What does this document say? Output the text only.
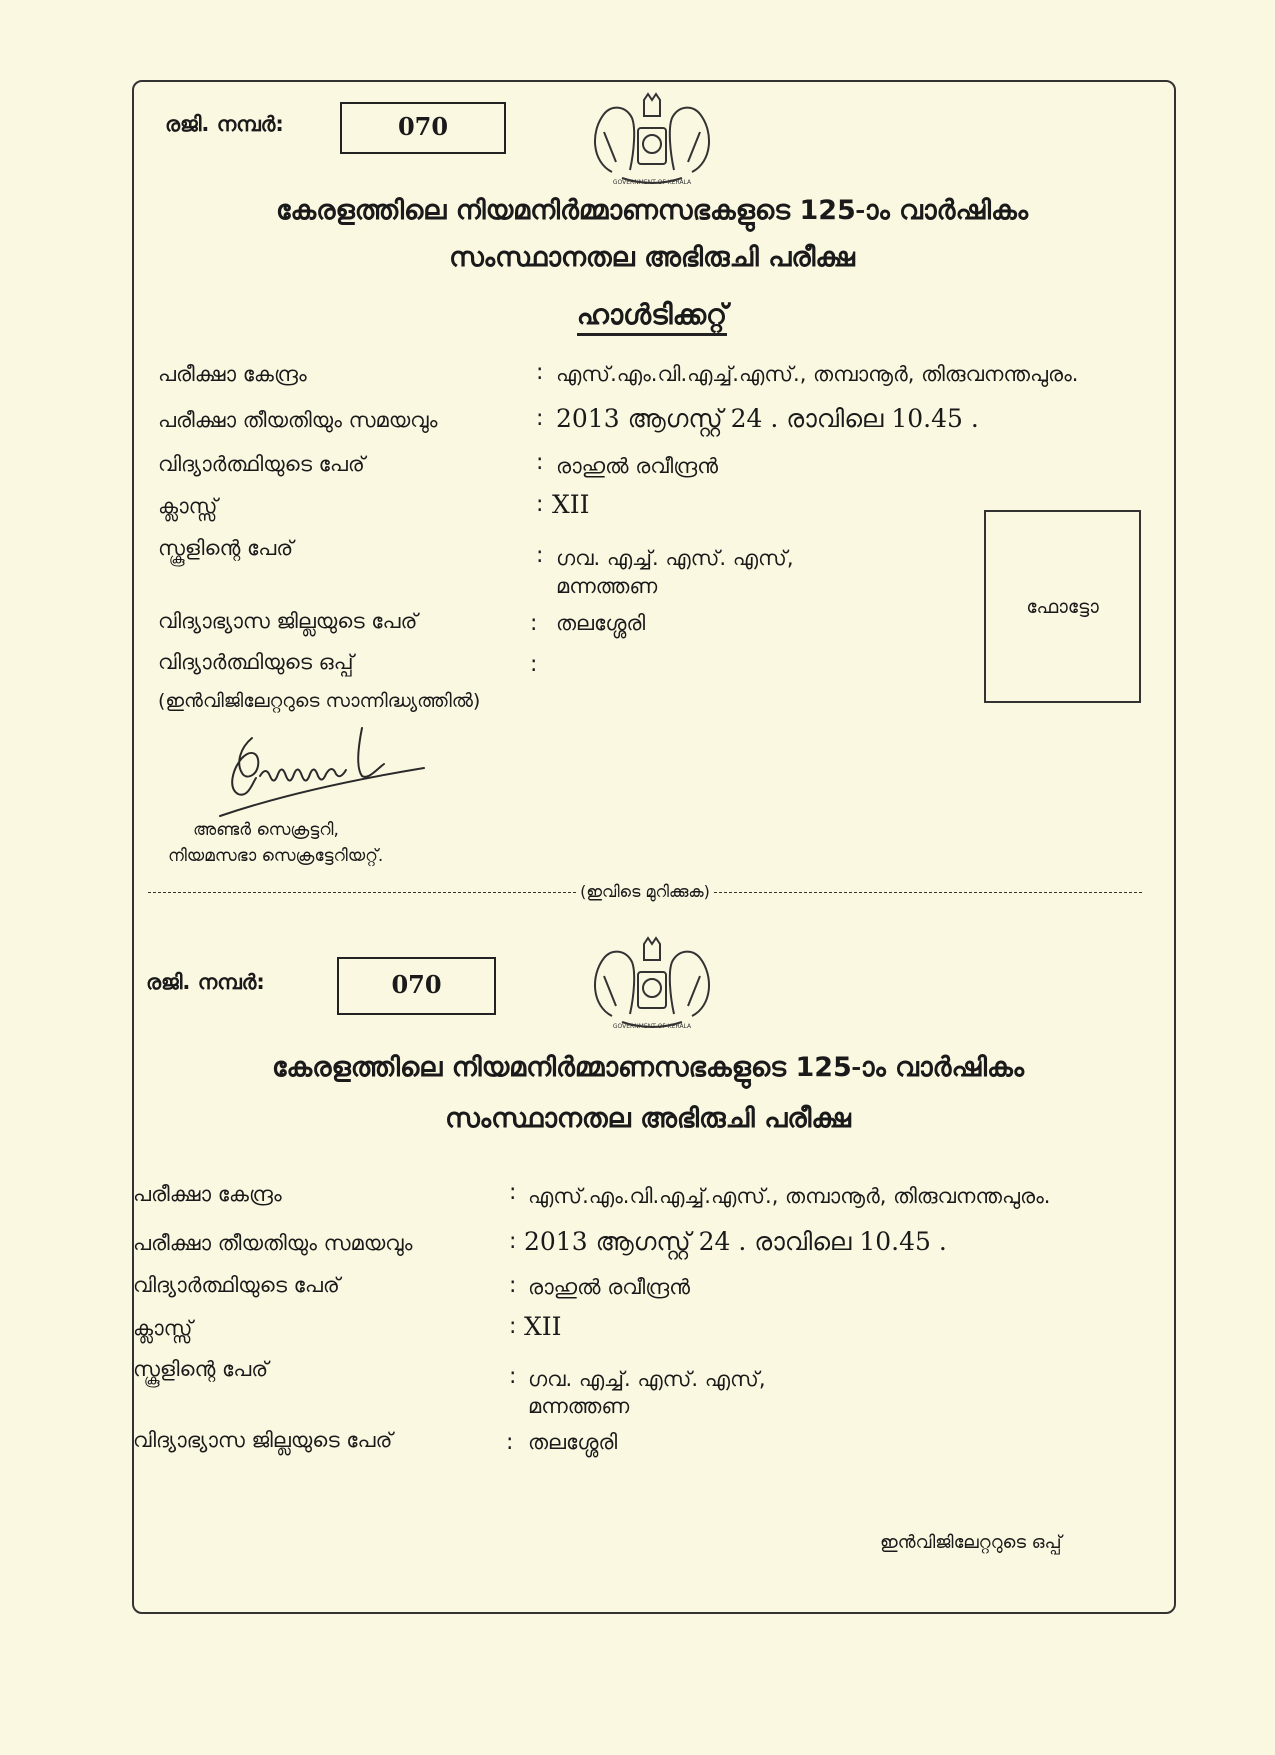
രജി. നമ്പർ:	070
GOVERNMENT OF KERALA
കേരളത്തിലെ നിയമനിർമ്മാണസഭകളുടെ 125-ാം വാർഷികം
സംസ്ഥാനതല അഭിരുചി പരീക്ഷ
ഹാൾടിക്കറ്റ്
പരീക്ഷാ കേന്ദ്രം	: എസ്.എം.വി.എച്ച്.എസ്., തമ്പാനൂർ, തിരുവനന്തപുരം.
പരീക്ഷാ തീയതിയും സമയവും	: 2013 ആഗസ്റ്റ് 24 . രാവിലെ 10.45 .
വിദ്യാർത്ഥിയുടെ പേര്	: രാഹുൽ രവീന്ദ്രൻ
ക്ലാസ്സ്	: XII
സ്കൂളിന്റെ പേര്	: ഗവ. എച്ച്. എസ്. എസ്,
മന്നത്തണ
വിദ്യാഭ്യാസ ജില്ലയുടെ പേര്	: തലശ്ശേരി
വിദ്യാർത്ഥിയുടെ ഒപ്പ്	:
(ഇൻവിജിലേറ്ററുടെ സാന്നിദ്ധ്യത്തിൽ)
ഫോട്ടോ
അണ്ടർ സെക്രട്ടറി,
നിയമസഭാ സെക്രട്ടേറിയറ്റ്.
(ഇവിടെ മുറിക്കുക)
രജി. നമ്പർ:	070
GOVERNMENT OF KERALA
കേരളത്തിലെ നിയമനിർമ്മാണസഭകളുടെ 125-ാം വാർഷികം
സംസ്ഥാനതല അഭിരുചി പരീക്ഷ
പരീക്ഷാ കേന്ദ്രം	: എസ്.എം.വി.എച്ച്.എസ്., തമ്പാനൂർ, തിരുവനന്തപുരം.
പരീക്ഷാ തീയതിയും സമയവും	: 2013 ആഗസ്റ്റ് 24 . രാവിലെ 10.45 .
വിദ്യാർത്ഥിയുടെ പേര്	: രാഹുൽ രവീന്ദ്രൻ
ക്ലാസ്സ്	: XII
സ്കൂളിന്റെ പേര്	: ഗവ. എച്ച്. എസ്. എസ്,
മന്നത്തണ
വിദ്യാഭ്യാസ ജില്ലയുടെ പേര്	: തലശ്ശേരി
ഇൻവിജിലേറ്ററുടെ ഒപ്പ്
